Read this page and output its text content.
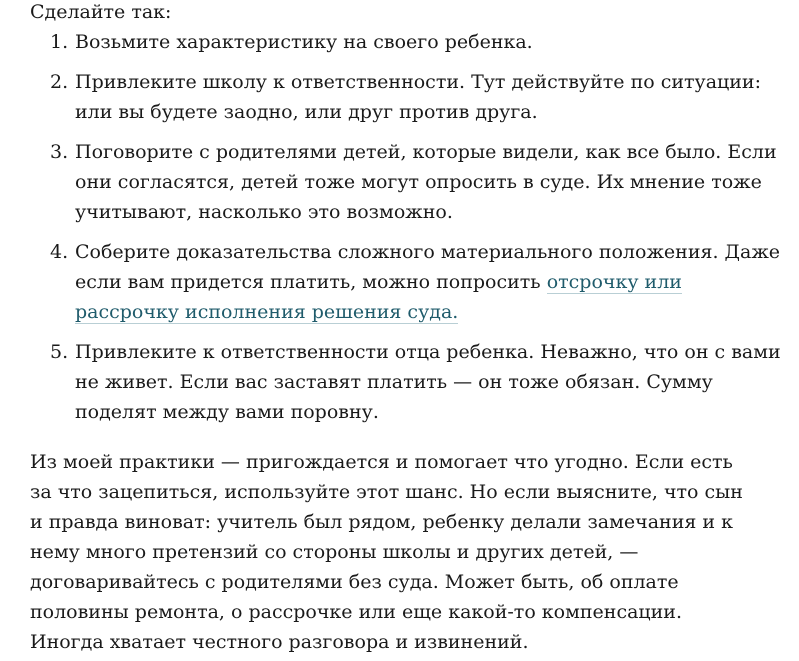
Сделайте так:

1. Возьмите характеристику на своего ребенка.
2. Привлеките школу к ответственности. Тут действуйте по ситуации: или вы будете заодно, или друг против друга.
3. Поговорите с родителями детей, которые видели, как все было. Если они согласятся, детей тоже могут опросить в суде. Их мнение тоже учитывают, насколько это возможно.
4. Соберите доказательства сложного материального положения. Даже если вам придется платить, можно попросить отсрочку или рассрочку исполнения решения суда.
5. Привлеките к ответственности отца ребенка. Неважно, что он с вами не живет. Если вас заставят платить — он тоже обязан. Сумму поделят между вами поровну.

Из моей практики — пригождается и помогает что угодно. Если есть за что зацепиться, используйте этот шанс. Но если выясните, что сын и правда виноват: учитель был рядом, ребенку делали замечания и к нему много претензий со стороны школы и других детей, — договаривайтесь с родителями без суда. Может быть, об оплате половины ремонта, о рассрочке или еще какой-то компенсации. Иногда хватает честного разговора и извинений.
